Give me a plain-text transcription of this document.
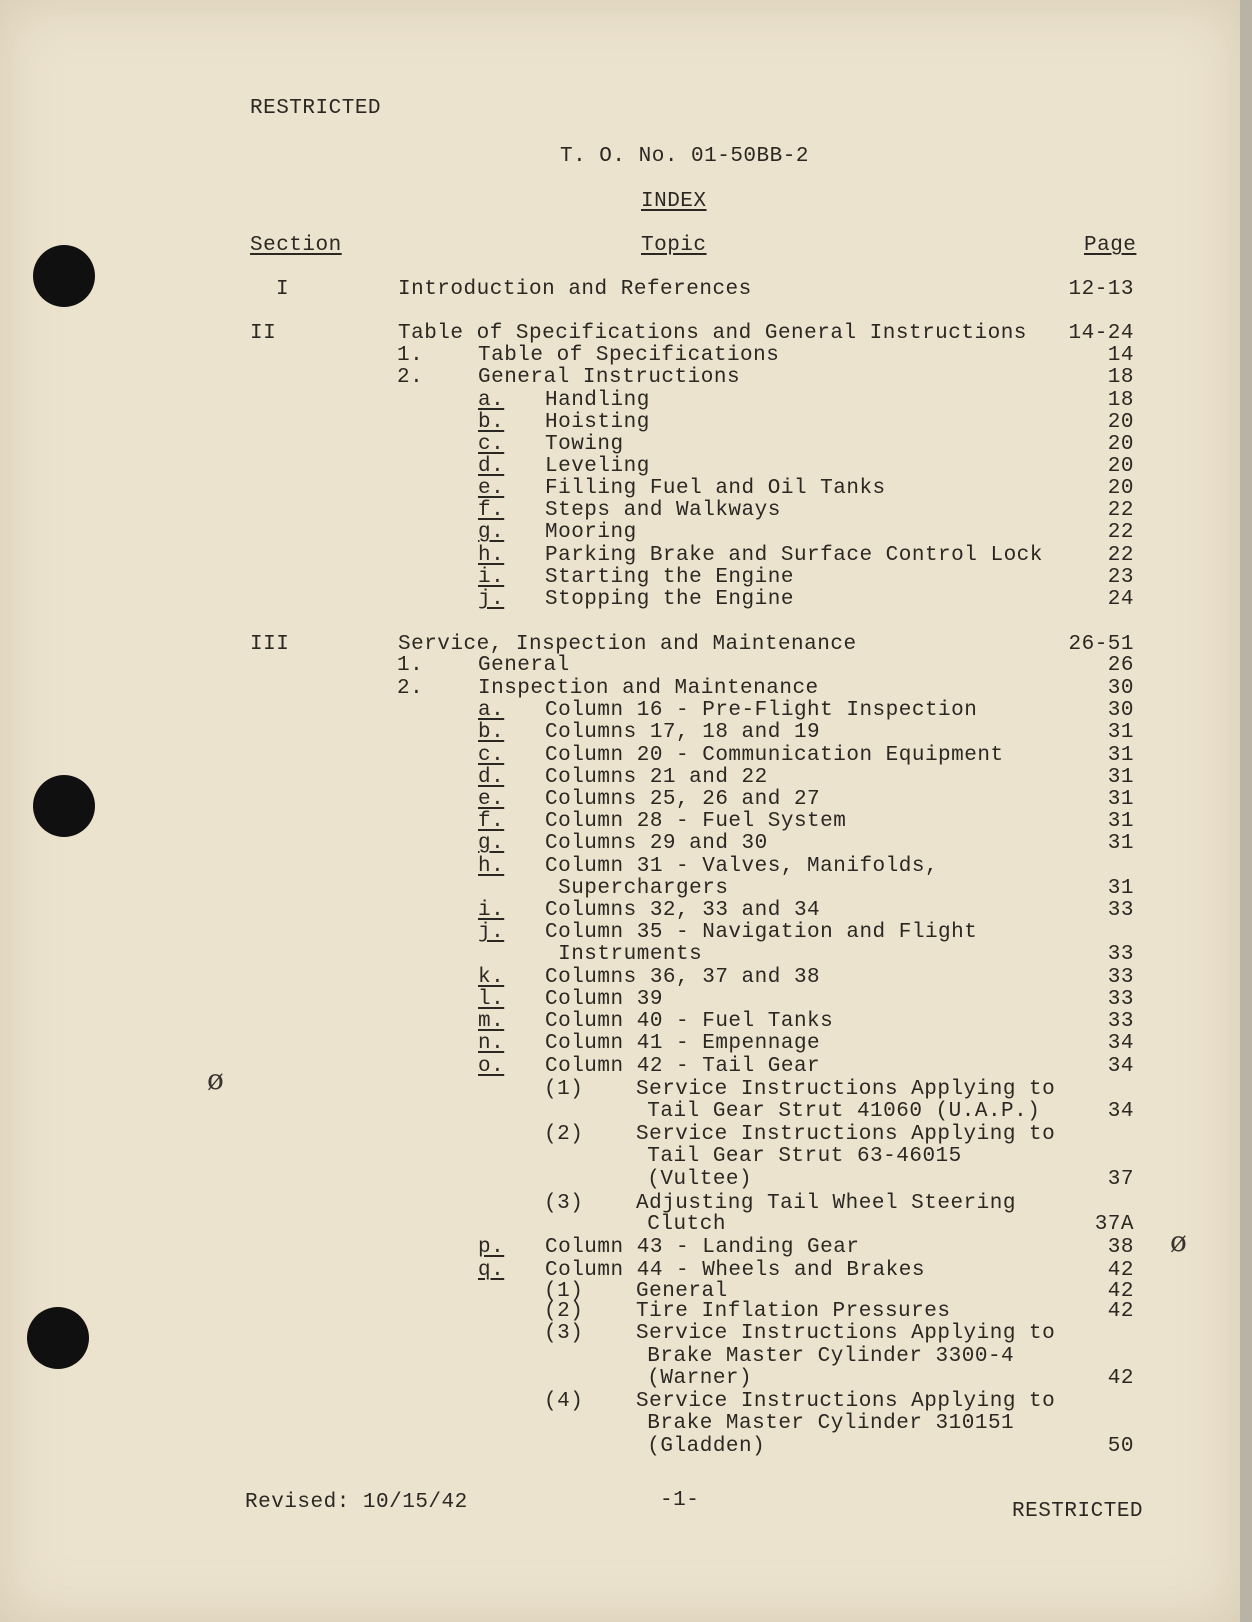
RESTRICTED
T. O. No. 01-50BB-2
INDEX
Section	Topic	Page
I	Introduction and References	12-13
II	Table of Specifications and General Instructions 14-24
1.	Table of Specifications	14
2.	General Instructions	18
a. Handling	18
b. Hoisting	20
c. Towing	20
d. Leveling	20
e. Filling Fuel and Oil Tanks	20
f. Steps and Walkways	22
g. Mooring	22
h. Parking Brake and Surface Control Lock	22
i. Starting the Engine	23
j. Stopping the Engine	24
III	Service, Inspection and Maintenance	26-51
1.	General	26
2.	Inspection and Maintenance	30
a. Column 16 - Pre-Flight Inspection	30
b. Columns 17, 18 and 19	31
c. Column 20 - Communication Equipment	31
d. Columns 21 and 22	31
e. Columns 25, 26 and 27	31
f. Column 28 - Fuel System	31
g. Columns 29 and 30	31
h. Column 31 - Valves, Manifolds,
Superchargers	31
i. Columns 32, 33 and 34	33
j. Column 35 - Navigation and Flight
Instruments	33
k. Columns 36, 37 and 38	33
l. Column 39	33
m. Column 40 - Fuel Tanks	33
n. Column 41 - Empennage	34
o. Column 42 - Tail Gear	34
(1)	Service Instructions Applying to
Tail Gear Strut 41060 (U.A.P.)	34
(2)	Service Instructions Applying to
Tail Gear Strut 63-46015
(Vultee)	37
(3)	Adjusting Tail Wheel Steering
Clutch	37A
p. Column 43 - Landing Gear	38
q. Column 44 - Wheels and Brakes	42
(1)	General	42
(2)	Tire Inflation Pressures	42
(3)	Service Instructions Applying to
Brake Master Cylinder 3300-4
(Warner)	42
(4)	Service Instructions Applying to
Brake Master Cylinder 310151
(Gladden)	50
ø
ø
Revised: 10/15/42	-1-	RESTRICTED
